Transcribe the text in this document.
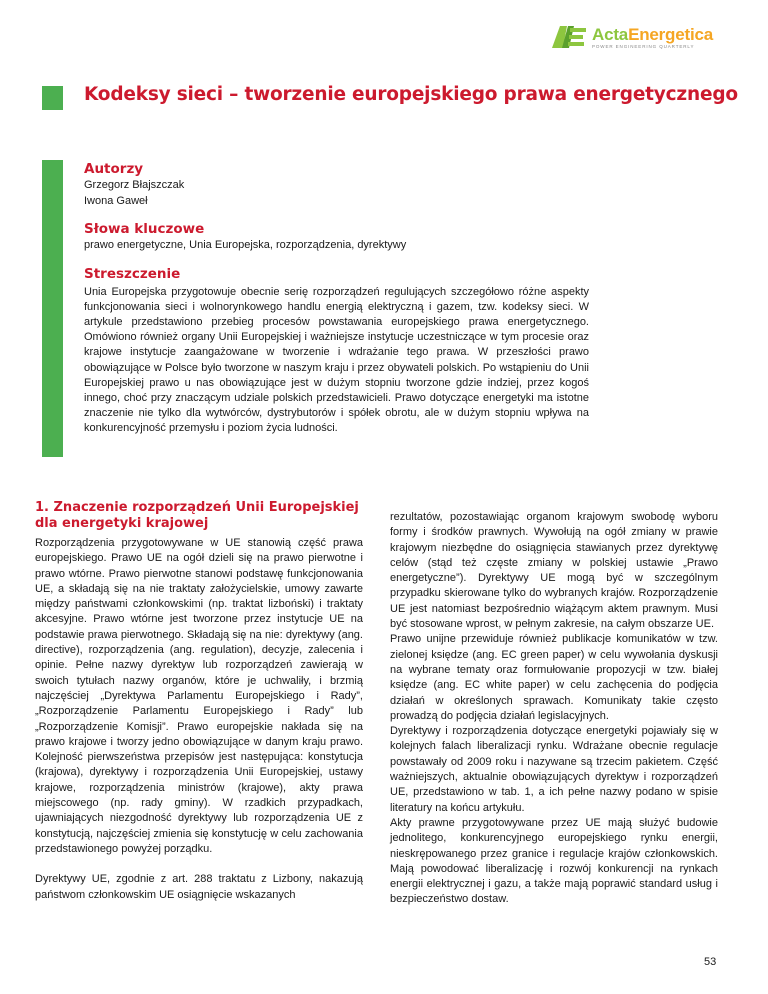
ActaEnergetica
POWER ENGINEERING QUARTERLY
Kodeksy sieci – tworzenie europejskiego prawa energetycznego
Autorzy
Grzegorz Błajszczak
Iwona Gaweł
Słowa kluczowe
prawo energetyczne, Unia Europejska, rozporządzenia, dyrektywy
Streszczenie

Unia Europejska przygotowuje obecnie serię rozporządzeń regulujących szczegółowo różne aspekty funkcjonowania sieci i wolnorynkowego handlu energią elektryczną i gazem, tzw. kodeksy sieci. W artykule przedstawiono przebieg procesów powstawania europejskiego prawa energetycznego. Omówiono również organy Unii Europejskiej i ważniejsze instytucje uczestniczące w tym procesie oraz krajowe instytucje zaangażowane w tworzenie i wdrażanie tego prawa. W przeszłości prawo obowiązujące w Polsce było tworzone w naszym kraju i przez obywateli polskich. Po wstąpieniu do Unii Europejskiej prawo u nas obowiązujące jest w dużym stopniu tworzone gdzie indziej, przez kogoś innego, choć przy znaczącym udziale polskich przedstawicieli. Prawo dotyczące energetyki ma istotne znaczenie nie tylko dla wytwórców, dystrybutorów i spółek obrotu, ale w dużym stopniu wpływa na konkurencyjność przemysłu i poziom życia ludności.

1. Znaczenie rozporządzeń Unii Europejskiej dla energetyki krajowej

Rozporządzenia przygotowywane w UE stanowią część prawa europejskiego. Prawo UE na ogół dzieli się na prawo pierwotne i prawo wtórne. Prawo pierwotne stanowi podstawę funkcjonowania UE, a składają się na nie traktaty założycielskie, umowy zawarte między państwami członkowskimi (np. traktat lizboński) i traktaty akcesyjne. Prawo wtórne jest tworzone przez instytucje UE na podstawie prawa pierwotnego. Składają się na nie: dyrektywy (ang. directive), rozporządzenia (ang. regulation), decyzje, zalecenia i opinie. Pełne nazwy dyrektyw lub rozporządzeń zawierają w swoich tytułach nazwy organów, które je uchwaliły, i brzmią najczęściej „Dyrektywa Parlamentu Europejskiego i Rady”, „Rozporządzenie Parlamentu Europejskiego i Rady” lub „Rozporządzenie Komisji”. Prawo europejskie nakłada się na prawo krajowe i tworzy jedno obowiązujące w danym kraju prawo. Kolejność pierwszeństwa przepisów jest następująca: konstytucja (krajowa), dyrektywy i rozporządzenia Unii Europejskiej, ustawy krajowe, rozporządzenia ministrów (krajowe), akty prawa miejscowego (np. rady gminy). W rzadkich przypadkach, ujawniających niezgodność dyrektywy lub rozporządzenia UE z konstytucją, najczęściej zmienia się konstytucję w celu zachowania przedstawionego powyżej porządku.

Dyrektywy UE, zgodnie z art. 288 traktatu z Lizbony, nakazują państwom członkowskim UE osiągnięcie wskazanych

rezultatów, pozostawiając organom krajowym swobodę wyboru formy i środków prawnych. Wywołują na ogół zmiany w prawie krajowym niezbędne do osiągnięcia stawianych przez dyrektywę celów (stąd też częste zmiany w polskiej ustawie „Prawo energetyczne”). Dyrektywy UE mogą być w szczególnym przypadku skierowane tylko do wybranych krajów. Rozporządzenie UE jest natomiast bezpośrednio wiążącym aktem prawnym. Musi być stosowane wprost, w pełnym zakresie, na całym obszarze UE.

Prawo unijne przewiduje również publikacje komunikatów w tzw. zielonej księdze (ang. EC green paper) w celu wywołania dyskusji na wybrane tematy oraz formułowanie propozycji w tzw. białej księdze (ang. EC white paper) w celu zachęcenia do podjęcia działań w określonych sprawach. Komunikaty takie często prowadzą do podjęcia działań legislacyjnych.

Dyrektywy i rozporządzenia dotyczące energetyki pojawiały się w kolejnych falach liberalizacji rynku. Wdrażane obecnie regulacje powstawały od 2009 roku i nazywane są trzecim pakietem. Część ważniejszych, aktualnie obowiązujących dyrektyw i rozporządzeń UE, przedstawiono w tab. 1, a ich pełne nazwy podano w spisie literatury na końcu artykułu.

Akty prawne przygotowywane przez UE mają służyć budowie jednolitego, konkurencyjnego europejskiego rynku energii, nieskrępowanego przez granice i regulacje krajów członkowskich. Mają powodować liberalizację i rozwój konkurencji na rynkach energii elektrycznej i gazu, a także mają poprawić standard usług i bezpieczeństwo dostaw.

53
